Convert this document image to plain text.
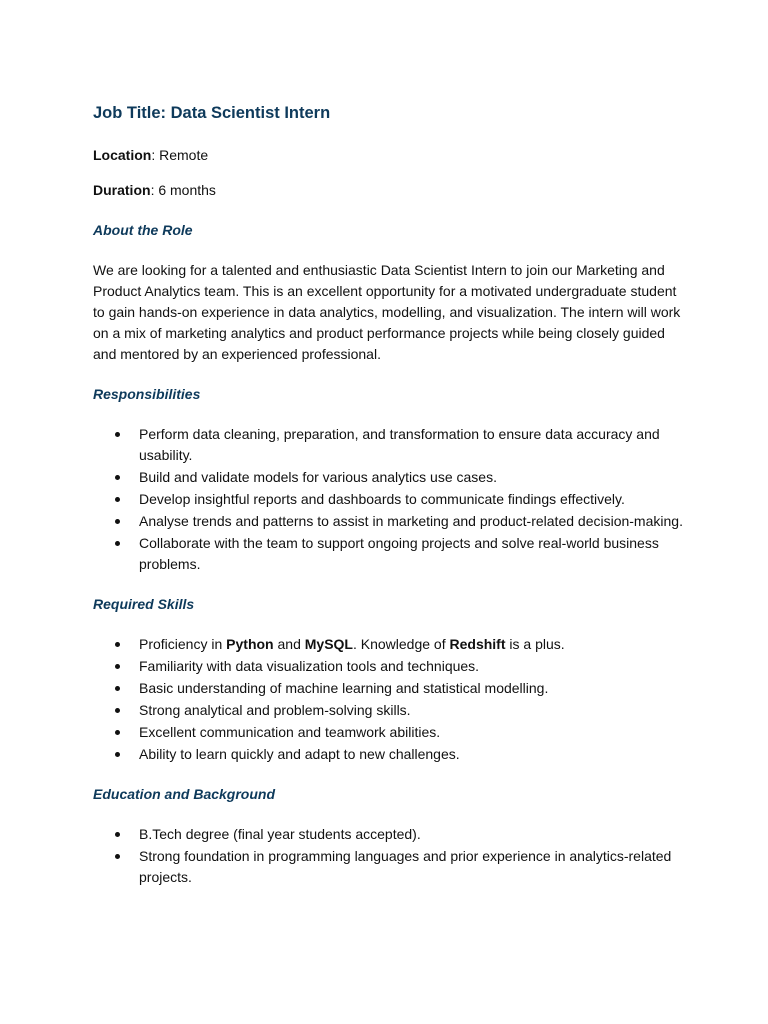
Job Title: Data Scientist Intern
Location: Remote
Duration: 6 months
About the Role
We are looking for a talented and enthusiastic Data Scientist Intern to join our Marketing and Product Analytics team. This is an excellent opportunity for a motivated undergraduate student to gain hands-on experience in data analytics, modelling, and visualization. The intern will work on a mix of marketing analytics and product performance projects while being closely guided and mentored by an experienced professional.
Responsibilities
Perform data cleaning, preparation, and transformation to ensure data accuracy and usability.
Build and validate models for various analytics use cases.
Develop insightful reports and dashboards to communicate findings effectively.
Analyse trends and patterns to assist in marketing and product-related decision-making.
Collaborate with the team to support ongoing projects and solve real-world business problems.
Required Skills
Proficiency in Python and MySQL. Knowledge of Redshift is a plus.
Familiarity with data visualization tools and techniques.
Basic understanding of machine learning and statistical modelling.
Strong analytical and problem-solving skills.
Excellent communication and teamwork abilities.
Ability to learn quickly and adapt to new challenges.
Education and Background
B.Tech degree (final year students accepted).
Strong foundation in programming languages and prior experience in analytics-related projects.
